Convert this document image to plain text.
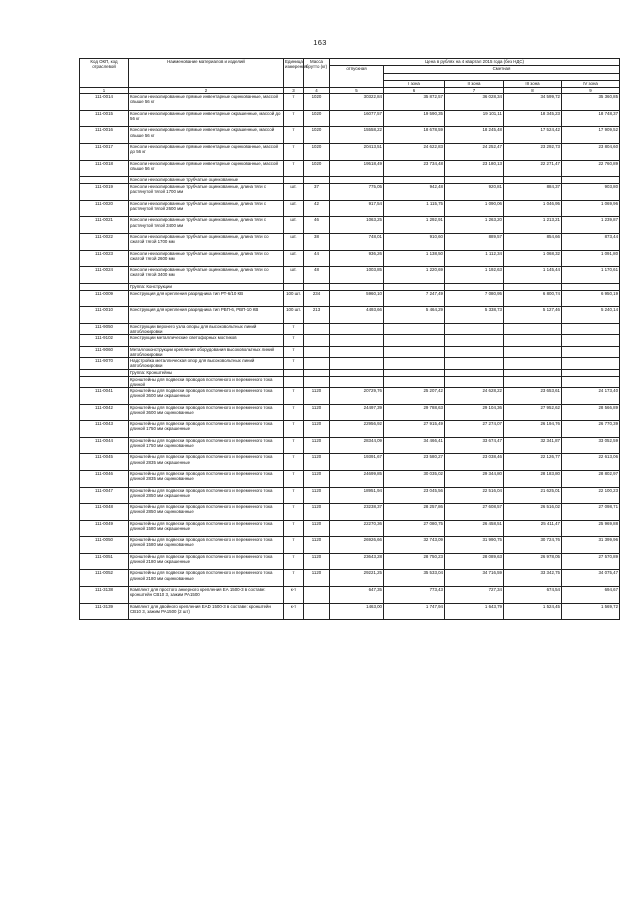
163
Код ОКП, код отраслевой	Наименование материалов и изделий	Единица измерения	Масса брутто (кг)	Цена в рублях на 4 квартал 2015 года (без НДС)				
				отпускная	Сметная			

					I зона	II зона	III зона	IV зона
1	2	3	4	5	6	7	8	9
111-0014	Консоли неизолированные прямые инвентарные оцинкованные, массой свыше 56 кг	т	1020	30322,84	35 872,57	36 028,34	34 599,72	35 360,85
111-0015	Консоли неизолированные прямые инвентарные окрашенные, массой до 56 кг	т	1020	16077,57	19 590,35	19 101,11	18 345,23	18 748,37
111-0016	Консоли неизолированные прямые инвентарные окрашенные, массой свыше 56 кг	т	1020	15558,22	18 678,59	18 245,48	17 524,42	17 909,52
111-0017	Консоли неизолированные прямые инвентарные оцинкованные, массой до 56 кг	т	1020	20413,51	24 622,83	24 252,47	23 292,73	23 804,60
111-0018	Консоли неизолированные прямые инвентарные оцинкованные, массой свыше 56 кг	т	1020	19518,49	23 734,48	23 180,13	22 271,47	22 760,89
	Консоли неизолированные трубчатые оцинкованные							
111-0019	Консоли неизолированные трубчатые оцинкованные, длина тяги с растянутой тягой 1700 мм	шт.	37	775,05	942,48	920,81	884,37	903,80
111-0020	Консоли неизолированные трубчатые оцинкованные, длина тяги с растянутой тягой 2600 мм	шт.	42	917,54	1 115,75	1 090,06	1 046,95	1 069,96
111-0021	Консоли неизолированные трубчатые оцинкованные, длина тяги с растянутой тягой 3400 мм	шт.	46	1063,25	1 292,91	1 263,20	1 213,21	1 239,87
111-0022	Консоли неизолированные трубчатые оцинкованные, длина тяги со сжатой тягой 1700 мм	шт.	38	748,01	910,60	889,57	854,66	873,44
111-0023	Консоли неизолированные трубчатые оцинкованные, длина тяги со сжатой тягой 2600 мм	шт.	44	936,26	1 138,50	1 112,34	1 068,32	1 091,80
111-0024	Консоли неизолированные трубчатые оцинкованные, длина тяги со сжатой тягой 3400 мм	шт.	48	1003,85	1 220,69	1 192,63	1 145,44	1 170,61
	Группа: Конструкции							
111-0009	Конструкция для крепления разрядника тип РТ-6/10 КВ	100 шт.	234	5960,10	7 247,49	7 080,95	6 800,74	6 950,19
111-0010	Конструкция для крепления разрядника тип РВП-6, РВП-10 КВ	100 шт.	213	4493,66	5 464,29	5 338,73	5 127,46	5 240,14
111-9050	Конструкции верхнего узла опоры для высоковольтных линий автоблокировки	т						
111-9102	Конструкции металлические светофорных мостиков	т						
111-9060	Металлоконструкции крепления оборудования высоковольтных линий автоблокировки	т						
111-9070	Надстройка металлическая опор для высоковольтных линий автоблокировки	т						
	Группа: Кронштейны							
	Кронштейны для подвески проводов постоянного и переменного тока длиной							
111-0041	Кронштейны для подвески проводов постоянного и переменного тока длиной 3600 мм окрашенные	т	1120	20729,76	25 207,42	24 628,22	23 653,61	24 173,40
111-0042	Кронштейны для подвески проводов постоянного и переменного тока длиной 3600 мм оцинкованные	т	1120	24497,39	29 788,63	29 104,36	27 952,62	28 566,89
111-0043	Кронштейны для подвески проводов постоянного и переменного тока длиной 1750 мм окрашенные	т	1120	22956,92	27 915,49	27 274,07	26 194,76	26 770,39
111-0044	Кронштейны для подвески проводов постоянного и переменного тока длиной 1750 мм оцинкованные	т	1120	28344,09	34 466,41	33 674,47	32 341,87	33 052,59
111-0045	Кронштейны для подвески проводов постоянного и переменного тока длиной 2835 мм окрашенные	т	1120	19391,67	23 580,27	23 038,46	22 126,77	22 613,06
111-0046	Кронштейны для подвески проводов постоянного и переменного тока длиной 2835 мм оцинкованные	т	1120	24699,85	30 035,02	29 344,80	28 183,80	28 802,97
111-0047	Кронштейны для подвески проводов постоянного и переменного тока длиной 2850 мм окрашенные	т	1120	18951,94	23 045,56	22 516,04	21 625,01	22 100,23
111-0048	Кронштейны для подвески проводов постоянного и переменного тока длиной 2850 мм оцинкованные	т	1120	23238,37	28 257,86	27 608,57	26 516,02	27 098,71
111-0049	Кронштейны для подвески проводов постоянного и переменного тока длиной 1580 мм окрашенные	т	1120	22270,36	27 080,75	26 458,51	25 411,47	25 969,88
111-0050	Кронштейны для подвески проводов постоянного и переменного тока длиной 1580 мм оцинкованные	т	1120	26926,66	32 743,09	31 990,75	30 724,76	31 399,96
111-0051	Кронштейны для подвески проводов постоянного и переменного тока длиной 2180 мм окрашенные	т	1120	23643,28	28 750,23	28 089,63	26 978,05	27 570,89
111-0052	Кронштейны для подвески проводов постоянного и переменного тока длиной 2180 мм оцинкованные	т	1120	29221,25	35 533,04	34 716,59	33 342,75	34 075,47
111-3138	Комплект для простого анкерного крепления ЕА 1500-3 в составе: кронштейн СВ10 3, зажим РА1500	к-т		647,35	773,43	727,34	674,54	694,67
111-3139	Комплект для двойного крепления ЕАD 1500-3 в составе: кронштейн СВ10 3, зажим РА1500 (2 шт)	к-т		1463,00	1 747,94	1 643,79	1 524,45	1 569,72
